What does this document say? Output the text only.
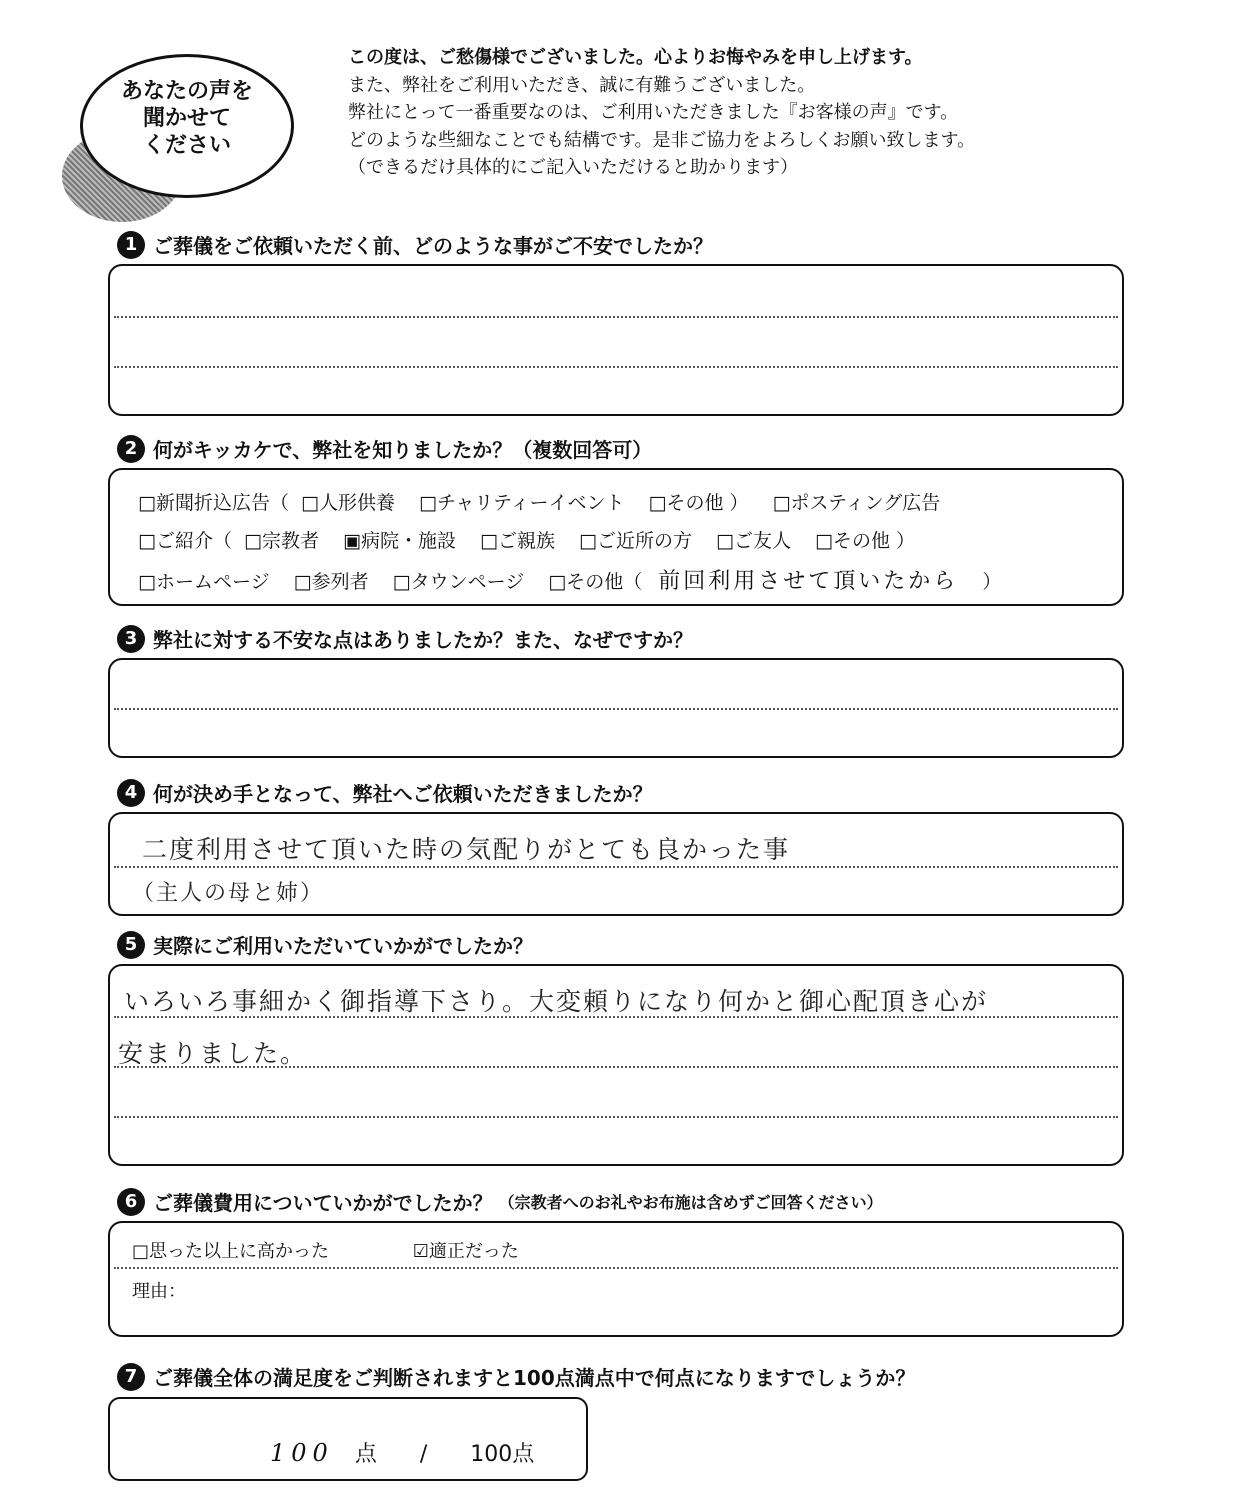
あなたの声を
聞かせて
ください
この度は、ご愁傷様でございました。心よりお悔やみを申し上げます。
また、弊社をご利用いただき、誠に有難うございました。
弊社にとって一番重要なのは、ご利用いただきました『お客様の声』です。
どのような些細なことでも結構です。是非ご協力をよろしくお願い致します。
（できるだけ具体的にご記入いただけると助かります）
1 ご葬儀をご依頼いただく前、どのような事がご不安でしたか？
2 何がキッカケで、弊社を知りましたか？（複数回答可）
□新聞折込広告（ □人形供養 □チャリティーイベント □その他 ） □ポスティング広告
□ご紹介（ □宗教者 ▣病院・施設 □ご親族 □ご近所の方 □ご友人 □その他 ）
□ホームページ □参列者 □タウンページ □その他（ 前回利用させて頂いたから ）
3 弊社に対する不安な点はありましたか？また、なぜですか？
4 何が決め手となって、弊社へご依頼いただきましたか？
二度利用させて頂いた時の気配りがとても良かった事
（主人の母と姉）
5 実際にご利用いただいていかがでしたか？
いろいろ事細かく御指導下さり。大変頼りになり何かと御心配頂き心が
安まりました。
6 ご葬儀費用についていかがでしたか？ （宗教者へのお礼やお布施は含めずご回答ください）
□思った以上に高かった	☑適正だった
理由：
7 ご葬儀全体の満足度をご判断されますと100点満点中で何点になりますでしょうか？
100 点 / 100点
